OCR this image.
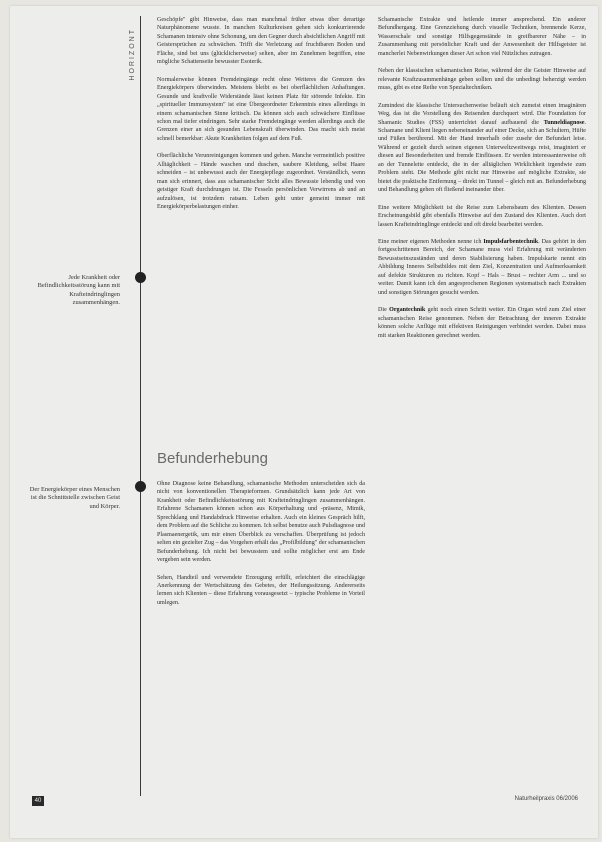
HORIZONT
Jede Krankheit oder Befindlichkeitsstörung kann mit Krafteindringlingen zusammenhängen.
Der Energiekörper eines Menschen ist die Schnittstelle zwischen Geist und Körper.

Geschöpfe" gibt Hinweise, dass man manchmal früher etwas über derartige Naturphänomene wusste. In manchen Kulturkreisen gehen sich konkurrierende Schamanen intensiv ohne Schonung, um den Gegner durch absichtlichen Angriff mit Geistersprüchen zu schwächen. Trifft die Verletzung auf fruchtbaren Boden und Fläche, sind bei uns (glücklicherweise) selten, aber im Zunehmen begriffen, eine mögliche Schattenseite bewusster Esoterik.

Normalerweise können Fremdeingänge recht ohne Weiteres die Grenzen des Energiekörpers überwinden. Meistens bleibt es bei oberflächlichen Anhaftungen. Gesunde und kraftvolle Widerstände lässt keinen Platz für störende Infekte. Ein „spiritueller Immunsystem" ist eine Übergeordneter Erkenntnis eines allerdings in einem schamanischen Sinne kritisch. Da können sich auch schwächere Einflüsse schon mal tiefer eindringen. Sehr starke Fremdeingänge werden allerdings auch die Grenzen einer an sich gesunden Lebenskraft überwinden. Das macht sich meist schnell bemerkbar: Akute Krankheiten folgen auf dem Fuß.

Oberflächliche Verunreinigungen kommen und gehen. Manche vermeintlich positive Alltäglichkeit – Hände waschen und duschen, saubere Kleidung, selbst Haare schneiden – ist unbewusst auch der Energiepflege zugeordnet. Verständlich, wenn man sich erinnert, dass aus schamanischer Sicht alles Bewusste lebendig und von geistiger Kraft durchdrungen ist. Die Fesseln persönlichen Verwirrens ab und an aufzulösen, ist trotzdem ratsam. Leben geht unter gemeint immer mit Energiekörperbelastungen einher.

Befunderhebung

Ohne Diagnose keine Behandlung, schamanische Methoden unterscheiden sich da nicht von konventionellen Therapieformen. Grundsätzlich kann jede Art von Krankheit oder Befindlichkeitsstörung mit Krafteindringlingen zusammenhängen. Erfahrene Schamanen können schon aus Körperhaltung und -präsenz, Mimik, Sprechklang und Handabdruck Hinweise erhalten. Auch ein kleines Gespräch hilft, dem Problem auf die Schliche zu kommen. Ich selbst benutze auch Pulsdiagnose und Plasmaenergetik, um mir einen Überblick zu verschaffen. Überprüfung ist jedoch selten ein gezielter Zug – das Vorgehen erhält das „Profilbildung" der schamanischen Befunderhebung. Ich nicht bei bewusstem und sollte möglicher erst am Ende vergeben sein werden.

Sehen, Handteil und verwendete Erzeugung erfüllt, erleichtert die einschlägige Anerkennung der Wertschätzung des Gebetes, der Heilungssitzung. Andererseits lernen sich Klienten – diese Erfahrung vorausgesetzt – typische Probleme in Vorteil umlegen.

Schamanische Extrakte und heilende immer ansprechend. Ein anderer Befundhergang. Eine Grenzziehung durch visuelle Techniken, brennende Kerze, Wasserschale und sonstige Hilfsgegenstände in greifbarerer Nähe – in Zusammenhang mit persönlicher Kraft und der Anwesenheit der Hilfsgeister ist mancherlei Nebenwirkungen dieser Art schon viel Nützliches zutragen.

Neben der klassischen schamanischen Reise, während der die Geister Hinweise auf relevante Kraftzusammenhänge geben sollten und die unbedingt beherzigt werden muss, gibt es eine Reihe von Spezialtechniken.

Zumindest die klassische Untersuchenweise beläuft sich zumeist einen imaginären Weg, das ist die Vorstellung des Reisenden durchquert wird. Die Foundation for Shamanic Studies (FSS) unterrichtet darauf aufbauend die Tunneldiagnose. Schamane und Klient liegen nebeneinander auf einer Decke, sich an Schultern, Hüfte und Füßen berührend. Mit der Hand innerhalb oder zusehr der Befundart leise. Während er gezielt durch seinen eigenen Unterweltzweitwegs reist, imaginiert er diesen auf Besonderheiten und fremde Einflüssen. Er werden interessanterweise oft an der Tunneleite entdeckt, die in der alltäglichen Wirklichkeit irgendwie zum Problem steht. Die Methode gibt nicht nur Hinweise auf mögliche Extrakte, sie bietet die praktische Entfernung – direkt im Tunnel – gleich mit an. Befunderhebung und Behandlung gehen oft fließend ineinander über.

Eine weitere Möglichkeit ist die Reise zum Lebensbaum des Klienten. Dessen Erscheinungsbild gibt ebenfalls Hinweise auf den Zustand des Klienten. Auch dort lassen Krafteindringlinge entdeckt und oft direkt bearbeitet werden.

Eine meiner eigenen Methoden nenne ich Impulsfarbentechnik. Das gehört in den fortgeschrittenen Bereich, der Schamane muss viel Erfahrung mit veränderten Bewusstseinszuständen und deren Stabilisierung haben. Impulskarte nennt ein Abbildung Inneres Selbstbildes mit dem Ziel, Konzentration und Aufmerksamkeit auf defekte Strukturen zu richten. Kopf – Hals – Brust – rechter Arm ... und so weiter. Damit kann ich den angesprochenen Regionen systematisch nach Extrakten und sonstigen Störungen gesucht werden.

Die Organtechnik geht noch einen Schritt weiter. Ein Organ wird zum Ziel einer schamanischen Reise genommen. Neben der Betrachtung der inneren Extrakte können solche Anflüge mit effektiven Reinigungen verbindet werden. Dabei muss mit starken Reaktionen gerechnet werden.

40	Naturheilpraxis 06/2006
